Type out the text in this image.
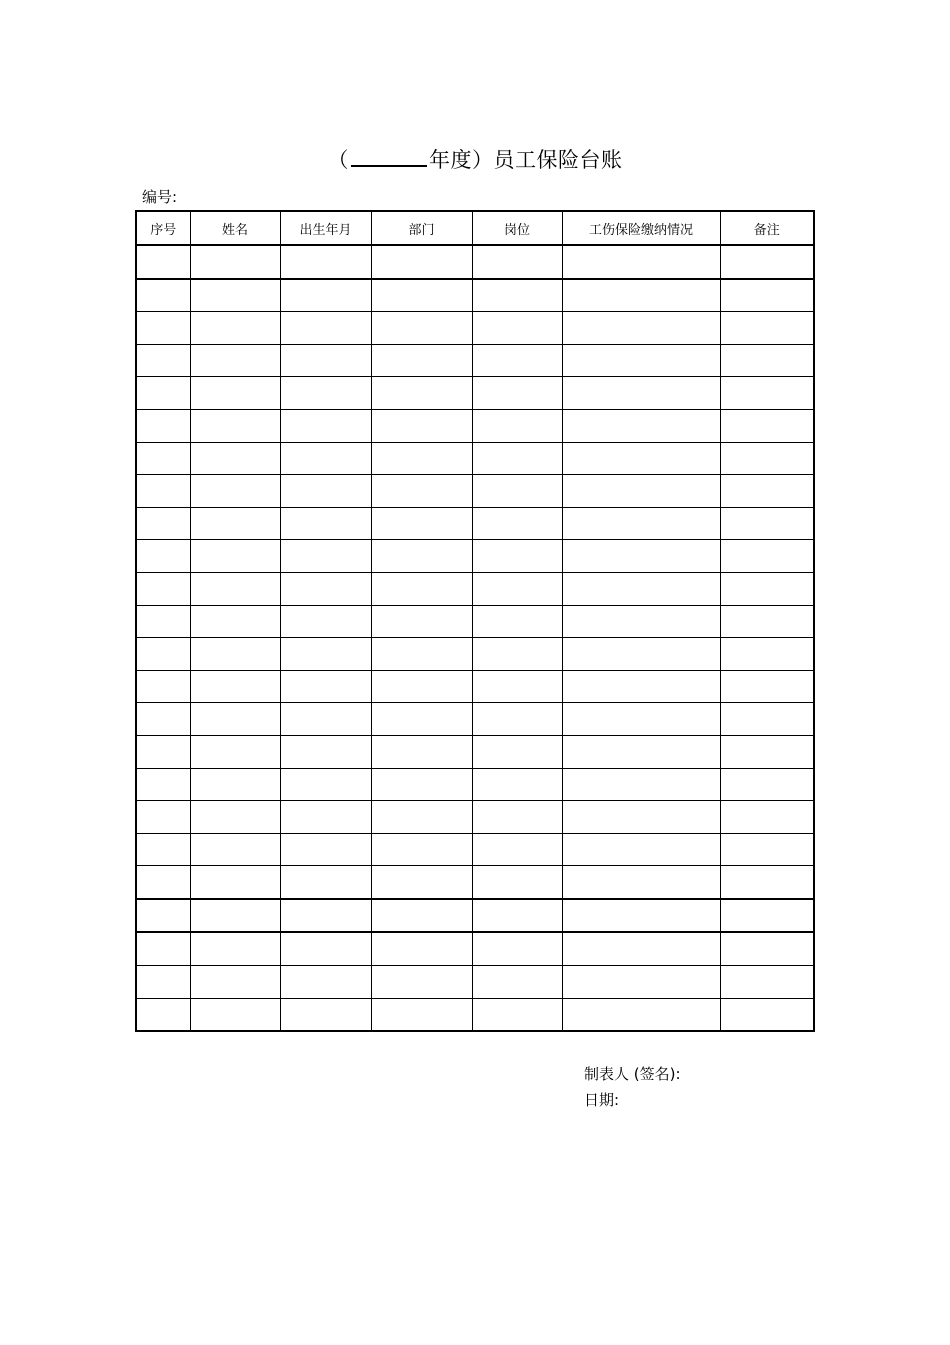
（	年度）员工保险台账
编号:
序号	姓名	出生年月	部门	岗位	工伤保险缴纳情况	备注

制表人 (签名):
日期:
